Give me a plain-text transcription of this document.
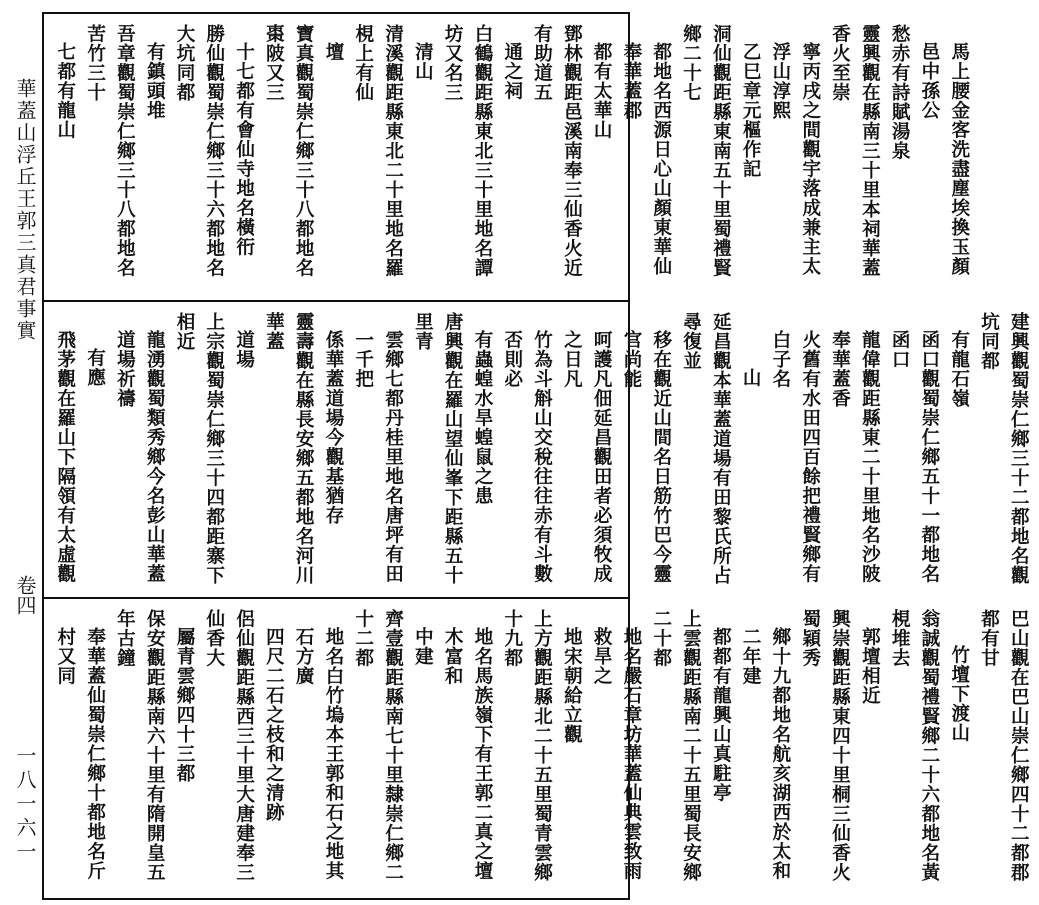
華蓋山浮丘王郭三真君事實
卷四
一八一六一
馬上腰金客洗盡塵埃換玉顏邑中孫公
愁赤有詩賦湯泉
靈興觀在縣南三十里本祠華蓋香火至崇
寧丙戌之間觀宇落成兼主太浮山淳熙
乙巳章元樞作記
洞仙觀距縣東南五十里蜀禮賢鄉二十七
都地名西源日心山顏東華仙奉華蓋郡
都有太華山
鄧林觀距邑溪南奉三仙香火近有助道五
通之祠
白鶴觀距縣東北三十里地名譚坊又名三
清山
清溪觀距縣東北二十里地名羅梘上有仙
壇
寶真觀蜀崇仁鄉三十八都地名棗陂又三
十七都有會仙寺地名橫衎
勝仙觀蜀崇仁鄉三十六都地名大坑同都
有鎮頭堆
吾章觀蜀崇仁鄉三十八都地名苦竹三十
七都有龍山
建興觀蜀崇仁鄉三十二都地名觀坑同都
有龍石嶺
函口觀蜀崇仁鄉五十一都地名函口
龍偉觀距縣東二十里地名沙陂奉華蓋香
火舊有水田四百餘把禮賢鄉有白子名
山
延昌觀本華蓋道場有田黎氏所占尋復並
移在觀近山間名日筋竹巴今靈官尚能
呵護凡佃延昌觀田者必須牧成之日凡
竹為斗斛山交稅往往赤有斗數否則必
有蟲蝗水旱蝗鼠之患
唐興觀在羅山望仙峯下距縣五十里青
雲鄉七都丹桂里地名唐坪有田一千把
係華蓋道場今觀基猶存
靈壽觀在縣長安鄉五都地名河川華蓋
道場
上宗觀蜀崇仁鄉三十四都距寨下相近
龍湧觀蜀類秀鄉今名彭山華蓋道場祈禱
有應
飛茅觀在羅山下隔領有太虛觀
巴山觀在巴山崇仁鄉四十二都郡都有甘
竹壇下渡山
翁誠觀蜀禮賢鄉二十六都地名黃梘堆去
郭壇相近
興崇觀距縣東四十里桐三仙香火蜀穎秀
鄉十九都地名航亥湖西於太和二年建
都都有龍興山真駐亭
上雲觀距縣南二十五里蜀長安鄉二十都
地名嚴石章坊華蓋仙典雲致雨救旱之
地宋朝給立觀
上方觀距縣北二十五里蜀青雲鄉十九都
地名馬族嶺下有王郭二真之壇木富和
中建
齊壹觀距縣南七十里隸崇仁鄉二十二都
地名白竹塢本王郭和石之地其石方廣
四尺二石之枝和之清跡
侶仙觀距縣西三十里大唐建奉三仙香大
屬青雲鄉四十三都
保安觀距縣南六十里有隋開皇五年古鐘
奉華蓋仙蜀崇仁鄉十都地名斤村又同
